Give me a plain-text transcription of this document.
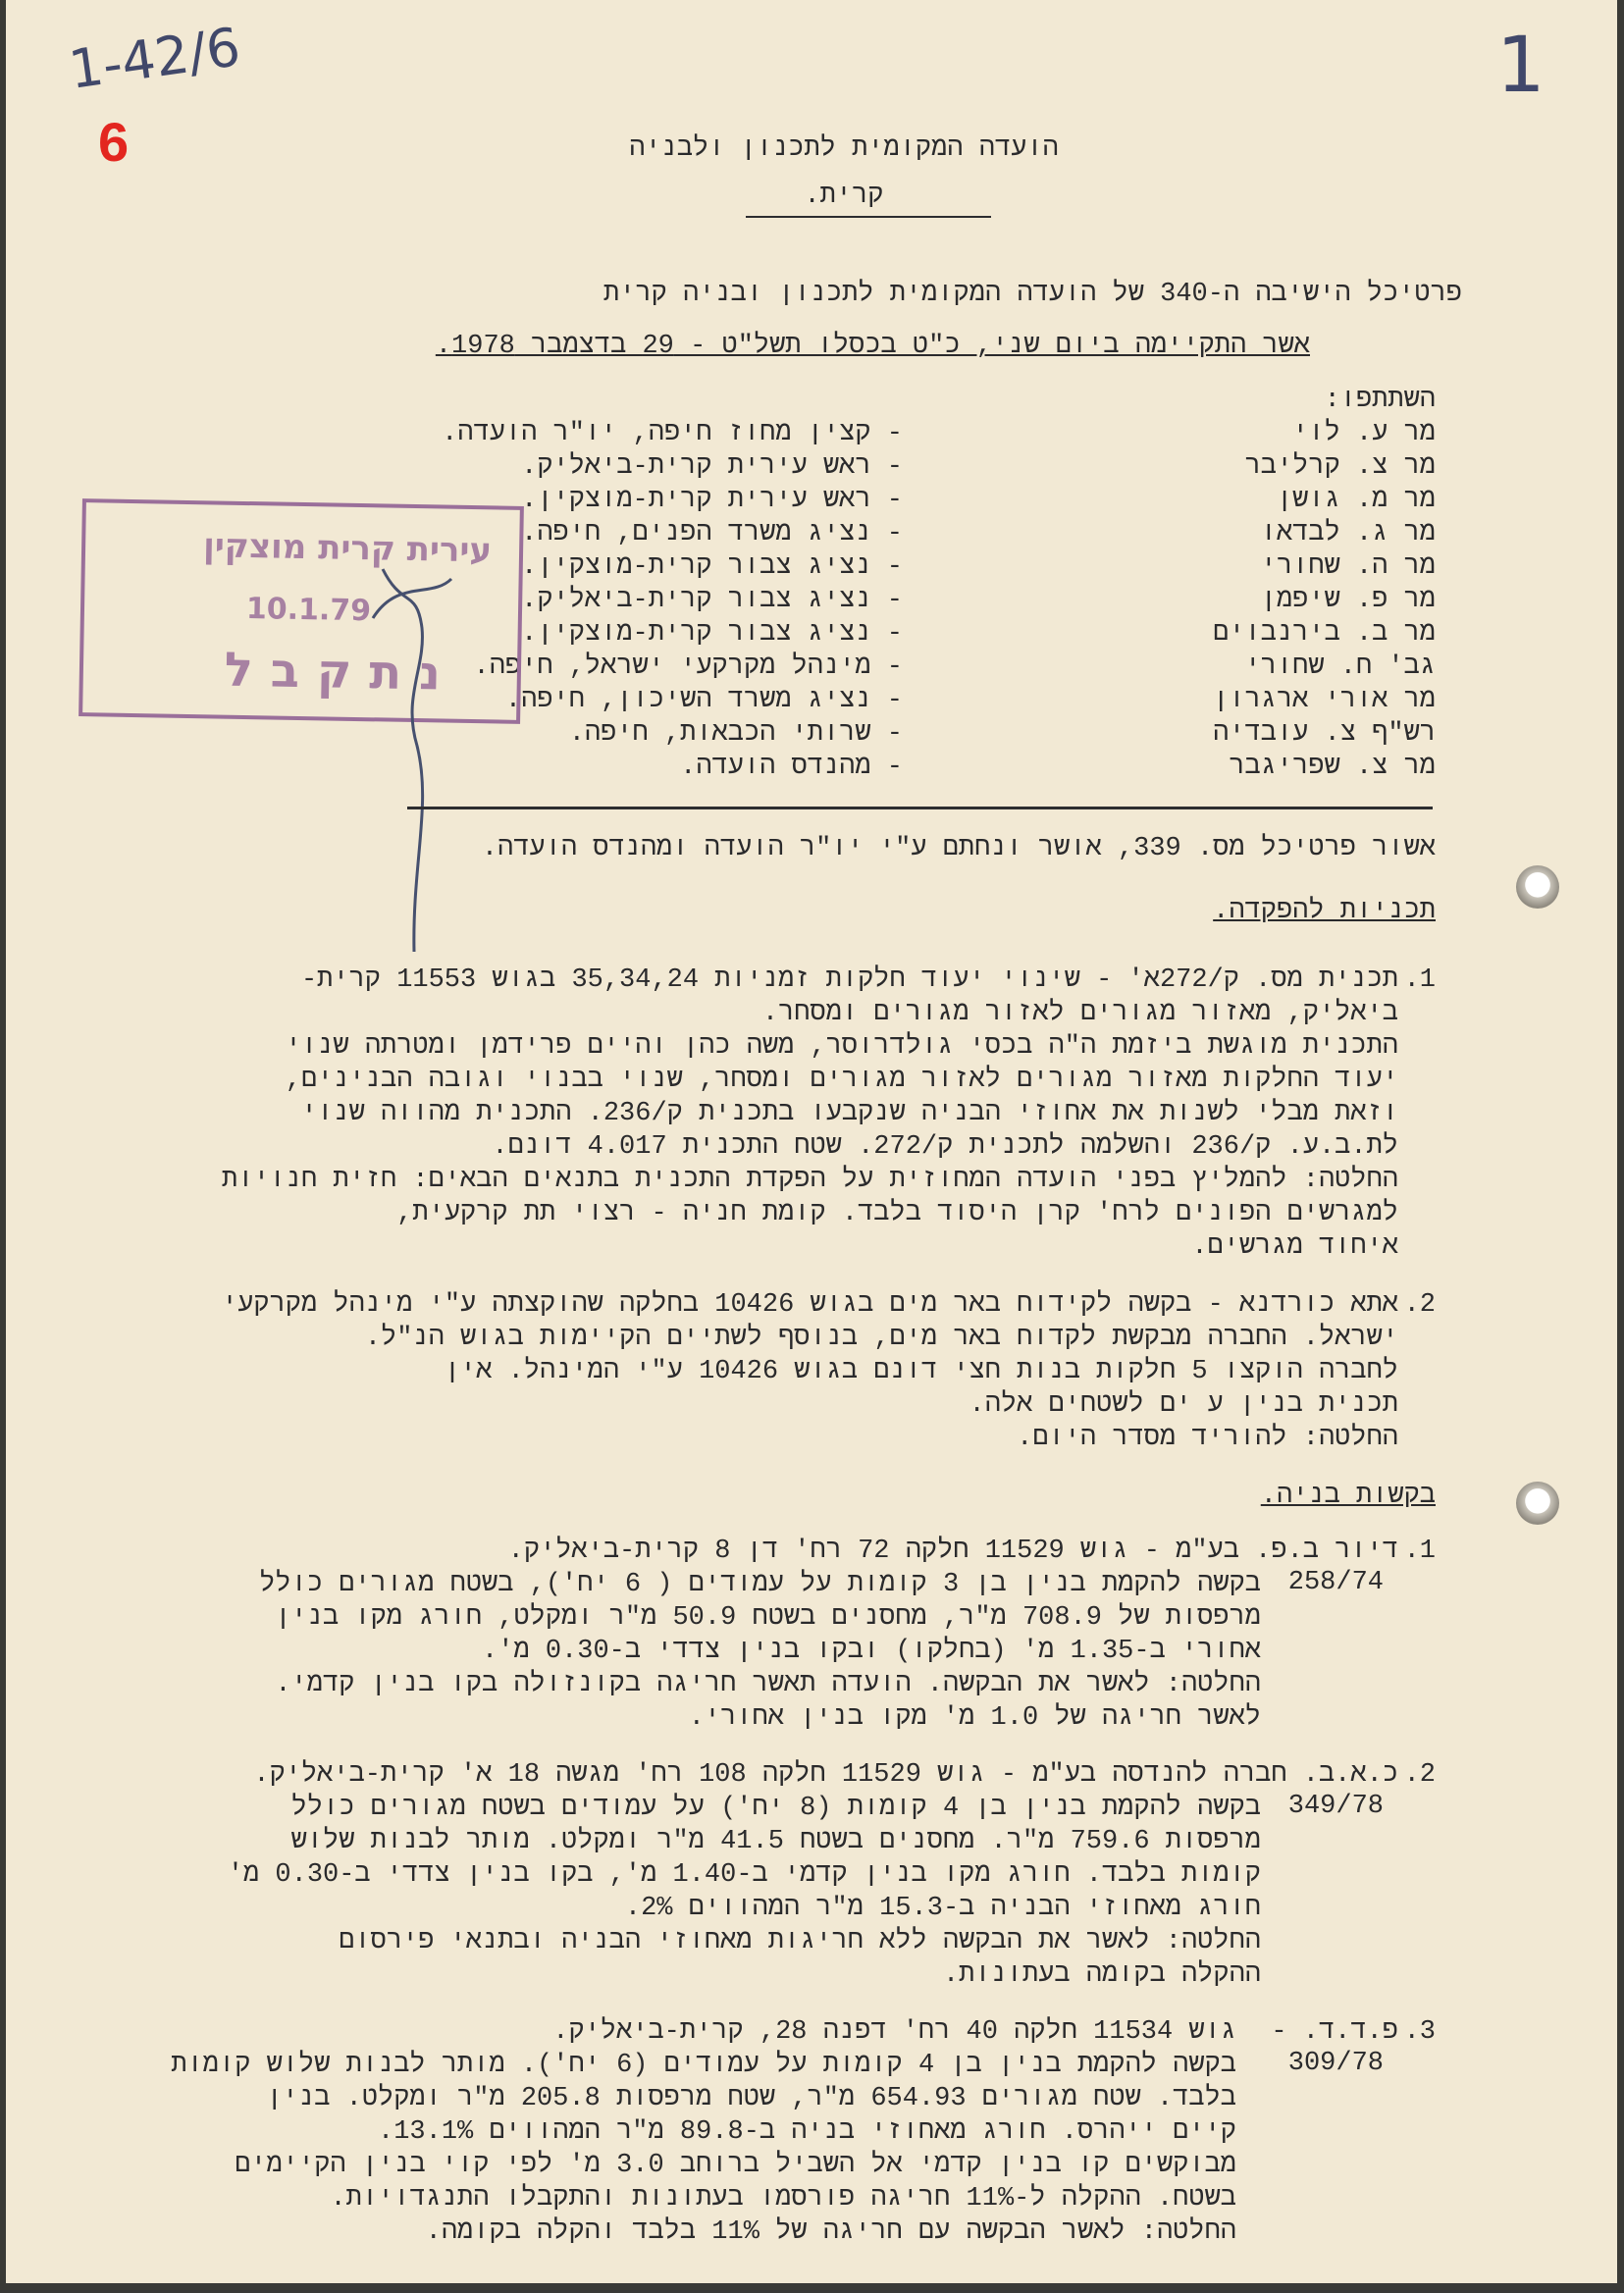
1-42/6	1
6	הועדה המקומית לתכנון ולבניה
קרית.
פרטיכל הישיבה ה-340 של הועדה המקומית לתכנון ובניה קרית
אשר התקיימה ביום שני, כ"ט בכסלו תשל"ט - 29 בדצמבר 1978.
השתתפו:
מר ע. לוי
- קצין מחוז חיפה, יו"ר הועדה.
מר צ. קרליבר
- ראש עירית קרית-ביאליק.
מר מ. גושן
- ראש עירית קרית-מוצקין.
מר ג. לבדאו
- נציג משרד הפנים, חיפה.
מר ה. שחורי
- נציג צבור קרית-מוצקין.
מר פ. שיפמן
- נציג צבור קרית-ביאליק.
מר ב. בירנבוים
- נציג צבור קרית-מוצקין.
גב' ח. שחורי
- מינהל מקרקעי ישראל, חיפה.
מר אורי ארגרון
- נציג משרד השיכון, חיפה.
רש"ף צ. עובדיה
- שרותי הכבאות, חיפה.
מר צ. שפריגבר
- מהנדס הועדה.
עירית קרית מוצקין
10.1.79
נתקבל
אשור פרטיכל מס. 339, אושר ונחתם ע"י יו"ר הועדה ומהנדס הועדה.
תכניות להפקדה.
1.
תכנית מס. ק/272א' - שינוי יעוד חלקות זמניות 35,34,24 בגוש 11553 קרית-
ביאליק, מאזור מגורים לאזור מגורים ומסחר.
התכנית מוגשת ביזמת ה"ה בכסי גולדרוסר, משה כהן והיים פרידמן ומטרתה שנוי
יעוד החלקות מאזור מגורים לאזור מגורים ומסחר, שנוי בבנוי וגובה הבנינים,
וזאת מבלי לשנות את אחוזי הבניה שנקבעו בתכנית ק/236. התכנית מהווה שנוי
לת.ב.ע. ק/236 והשלמה לתכנית ק/272. שטח התכנית 4.017 דונם.
החלטה: להמליץ בפני הועדה המחוזית על הפקדת התכנית בתנאים הבאים: חזית חנויות
למגרשים הפונים לרח' קרן היסוד בלבד. קומת חניה - רצוי תת קרקעית,
איחוד מגרשים.
2.
אתא כורדנא - בקשה לקידוח באר מים בגוש 10426 בחלקה שהוקצתה ע"י מינהל מקרקעי
ישראל. החברה מבקשת לקדוח באר מים, בנוסף לשתיים הקיימות בגוש הנ"ל.
לחברה הוקצו 5 חלקות בנות חצי דונם בגוש 10426 ע"י המינהל. אין
תכנית בנין ע ים לשטחים אלה.
החלטה: להוריד מסדר היום.
בקשות בניה.
1.
258/74
דיור ב.פ. בע"מ - גוש 11529 חלקה 72 רח' דן 8 קרית-ביאליק.
בקשה להקמת בנין בן 3 קומות על עמודים ( 6 יח'), בשטח מגורים כולל
מרפסות של 708.9 מ"ר, מחסנים בשטח 50.9 מ"ר ומקלט, חורג מקו בנין
אחורי ב-1.35 מ' (בחלקו) ובקו בנין צדדי ב-0.30 מ'.
החלטה: לאשר את הבקשה. הועדה תאשר חריגה בקונזולה בקו בנין קדמי.
לאשר חריגה של 1.0 מ' מקו בנין אחורי.
2.
349/78
כ.א.ב. חברה להנדסה בע"מ - גוש 11529 חלקה 108 רח' מגשה 18 א' קרית-ביאליק.
בקשה להקמת בנין בן 4 קומות (8 יח') על עמודים בשטח מגורים כולל
מרפסות 759.6 מ"ר. מחסנים בשטח 41.5 מ"ר ומקלט. מותר לבנות שלוש
קומות בלבד. חורג מקו בנין קדמי ב-1.40 מ', בקו בנין צדדי ב-0.30 מ'
חורג מאחוזי הבניה ב-15.3 מ"ר המהווים 2%.
החלטה: לאשר את הבקשה ללא חריגות מאחוזי הבניה ובתנאי פירסום
ההקלה בקומה בעתונות.
3.
פ.ד.ד. -
309/78
גוש 11534 חלקה 40 רח' דפנה 28, קרית-ביאליק.
בקשה להקמת בנין בן 4 קומות על עמודים (6 יח'). מותר לבנות שלוש קומות
בלבד. שטח מגורים 654.93 מ"ר, שטח מרפסות 205.8 מ"ר ומקלט. בנין
קיים ייהרס. חורג מאחוזי בניה ב-89.8 מ"ר המהווים 13.1%.
מבוקשים קו בנין קדמי אל השביל ברוחב 3.0 מ' לפי קוי בנין הקיימים
בשטח. ההקלה ל-11% חריגה פורסמו בעתונות והתקבלו התנגדויות.
החלטה: לאשר הבקשה עם חריגה של 11% בלבד והקלה בקומה.
